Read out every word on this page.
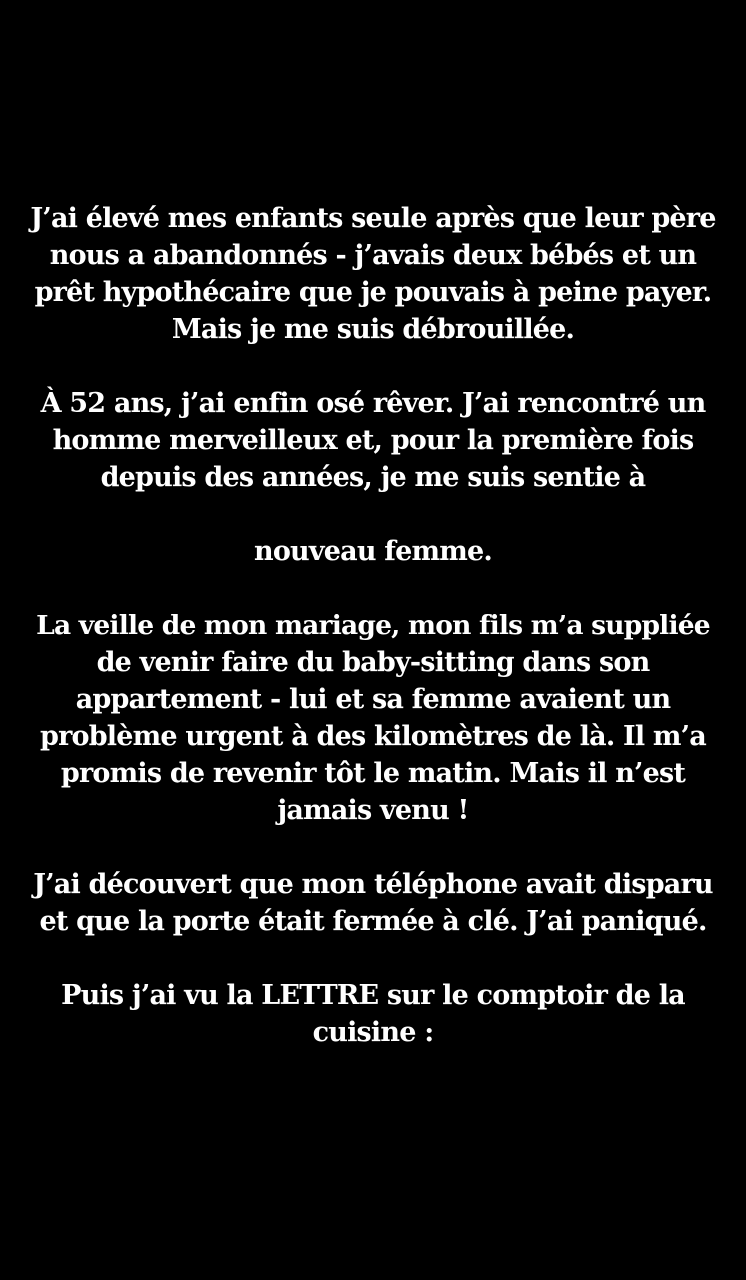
J’ai élevé mes enfants seule après que leur père
nous a abandonnés - j’avais deux bébés et un
prêt hypothécaire que je pouvais à peine payer.
Mais je me suis débrouillée.
À 52 ans, j’ai enfin osé rêver. J’ai rencontré un
homme merveilleux et, pour la première fois
depuis des années, je me suis sentie à
nouveau femme.
La veille de mon mariage, mon fils m’a suppliée
de venir faire du baby-sitting dans son
appartement - lui et sa femme avaient un
problème urgent à des kilomètres de là. Il m’a
promis de revenir tôt le matin. Mais il n’est
jamais venu !
J’ai découvert que mon téléphone avait disparu
et que la porte était fermée à clé. J’ai paniqué.
Puis j’ai vu la LETTRE sur le comptoir de la
cuisine :
